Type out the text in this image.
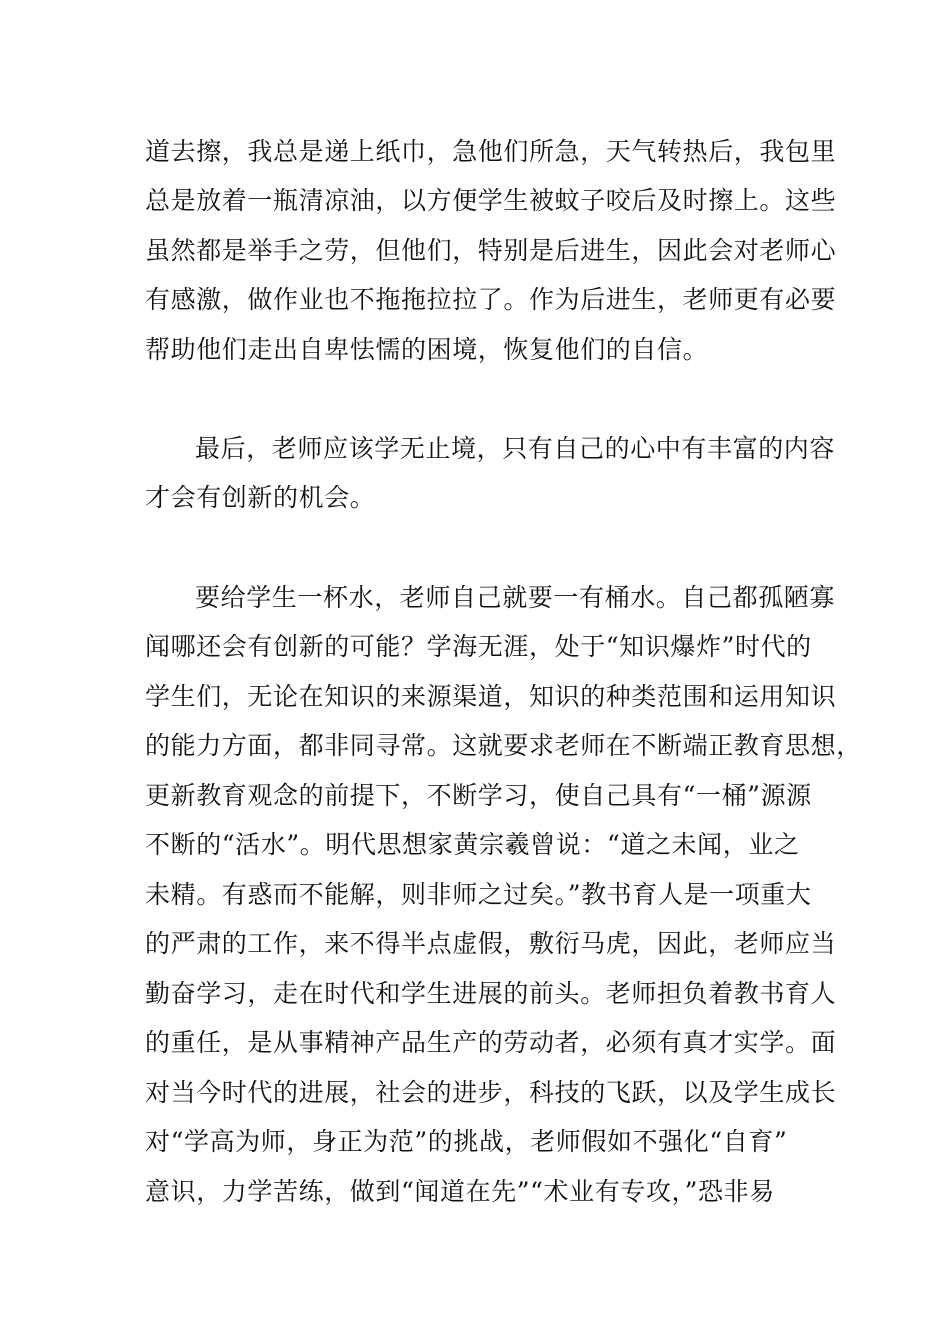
道去擦，我总是递上纸巾，急他们所急，天气转热后，我包里
总是放着一瓶清凉油，以方便学生被蚊子咬后及时擦上。这些
虽然都是举手之劳，但他们，特别是后进生，因此会对老师心
有感激，做作业也不拖拖拉拉了。作为后进生，老师更有必要
帮助他们走出自卑怯懦的困境，恢复他们的自信。
最后，老师应该学无止境，只有自己的心中有丰富的内容
才会有创新的机会。
要给学生一杯水，老师自己就要一有桶水。自己都孤陋寡
闻哪还会有创新的可能？学海无涯，处于“知识爆炸”时代的
学生们，无论在知识的来源渠道，知识的种类范围和运用知识
的能力方面，都非同寻常。这就要求老师在不断端正教育思想，
更新教育观念的前提下，不断学习，使自己具有“一桶”源源
不断的“活水”。明代思想家黄宗羲曾说：“道之未闻，业之
未精。有惑而不能解，则非师之过矣。”教书育人是一项重大
的严肃的工作，来不得半点虚假，敷衍马虎，因此，老师应当
勤奋学习，走在时代和学生进展的前头。老师担负着教书育人
的重任，是从事精神产品生产的劳动者，必须有真才实学。面
对当今时代的进展，社会的进步，科技的飞跃，以及学生成长
对“学高为师，身正为范”的挑战，老师假如不强化“自育”
意识，力学苦练，做到“闻道在先”“术业有专攻，”恐非易
